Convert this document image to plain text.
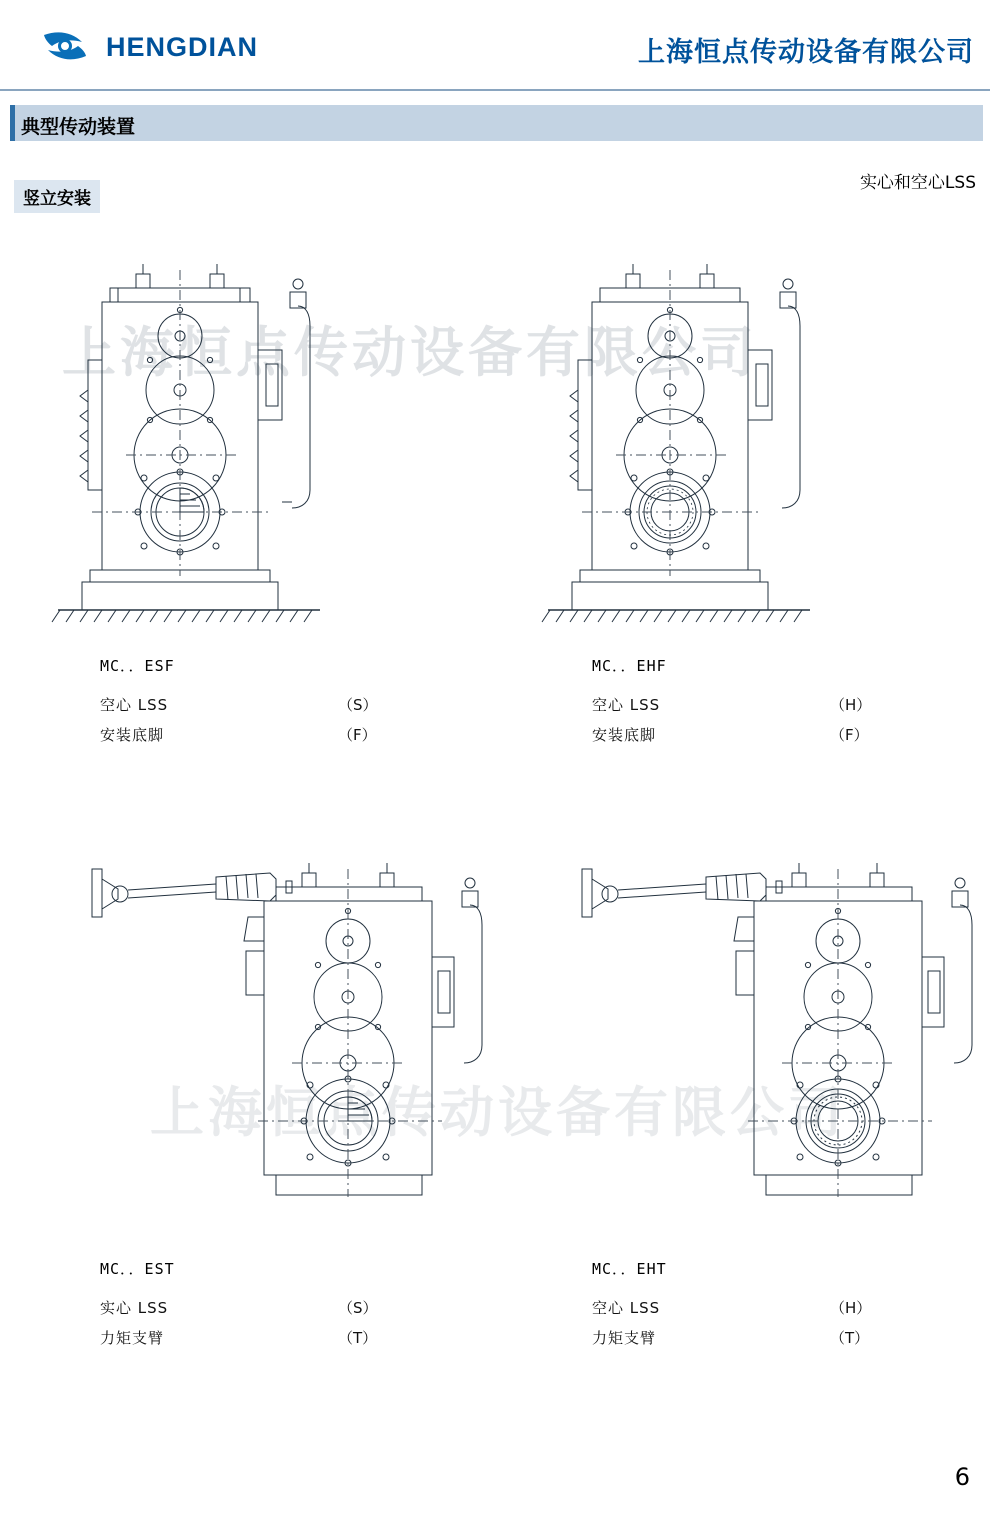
HENGDIAN	上海恒点传动设备有限公司
典型传动装置
竖立安装
实心和空心LSS
上海恒点传动设备有限公司
上海恒点传动设备有限公司
MC．．ESF
空心 LSS	（S）
安装底脚	（F）
MC．．EHF
空心 LSS	（H）
安装底脚	（F）
MC．．EST
实心 LSS	（S）
力矩支臂	（T）
MC．．EHT
空心 LSS	（H）
力矩支臂	（T）
6
